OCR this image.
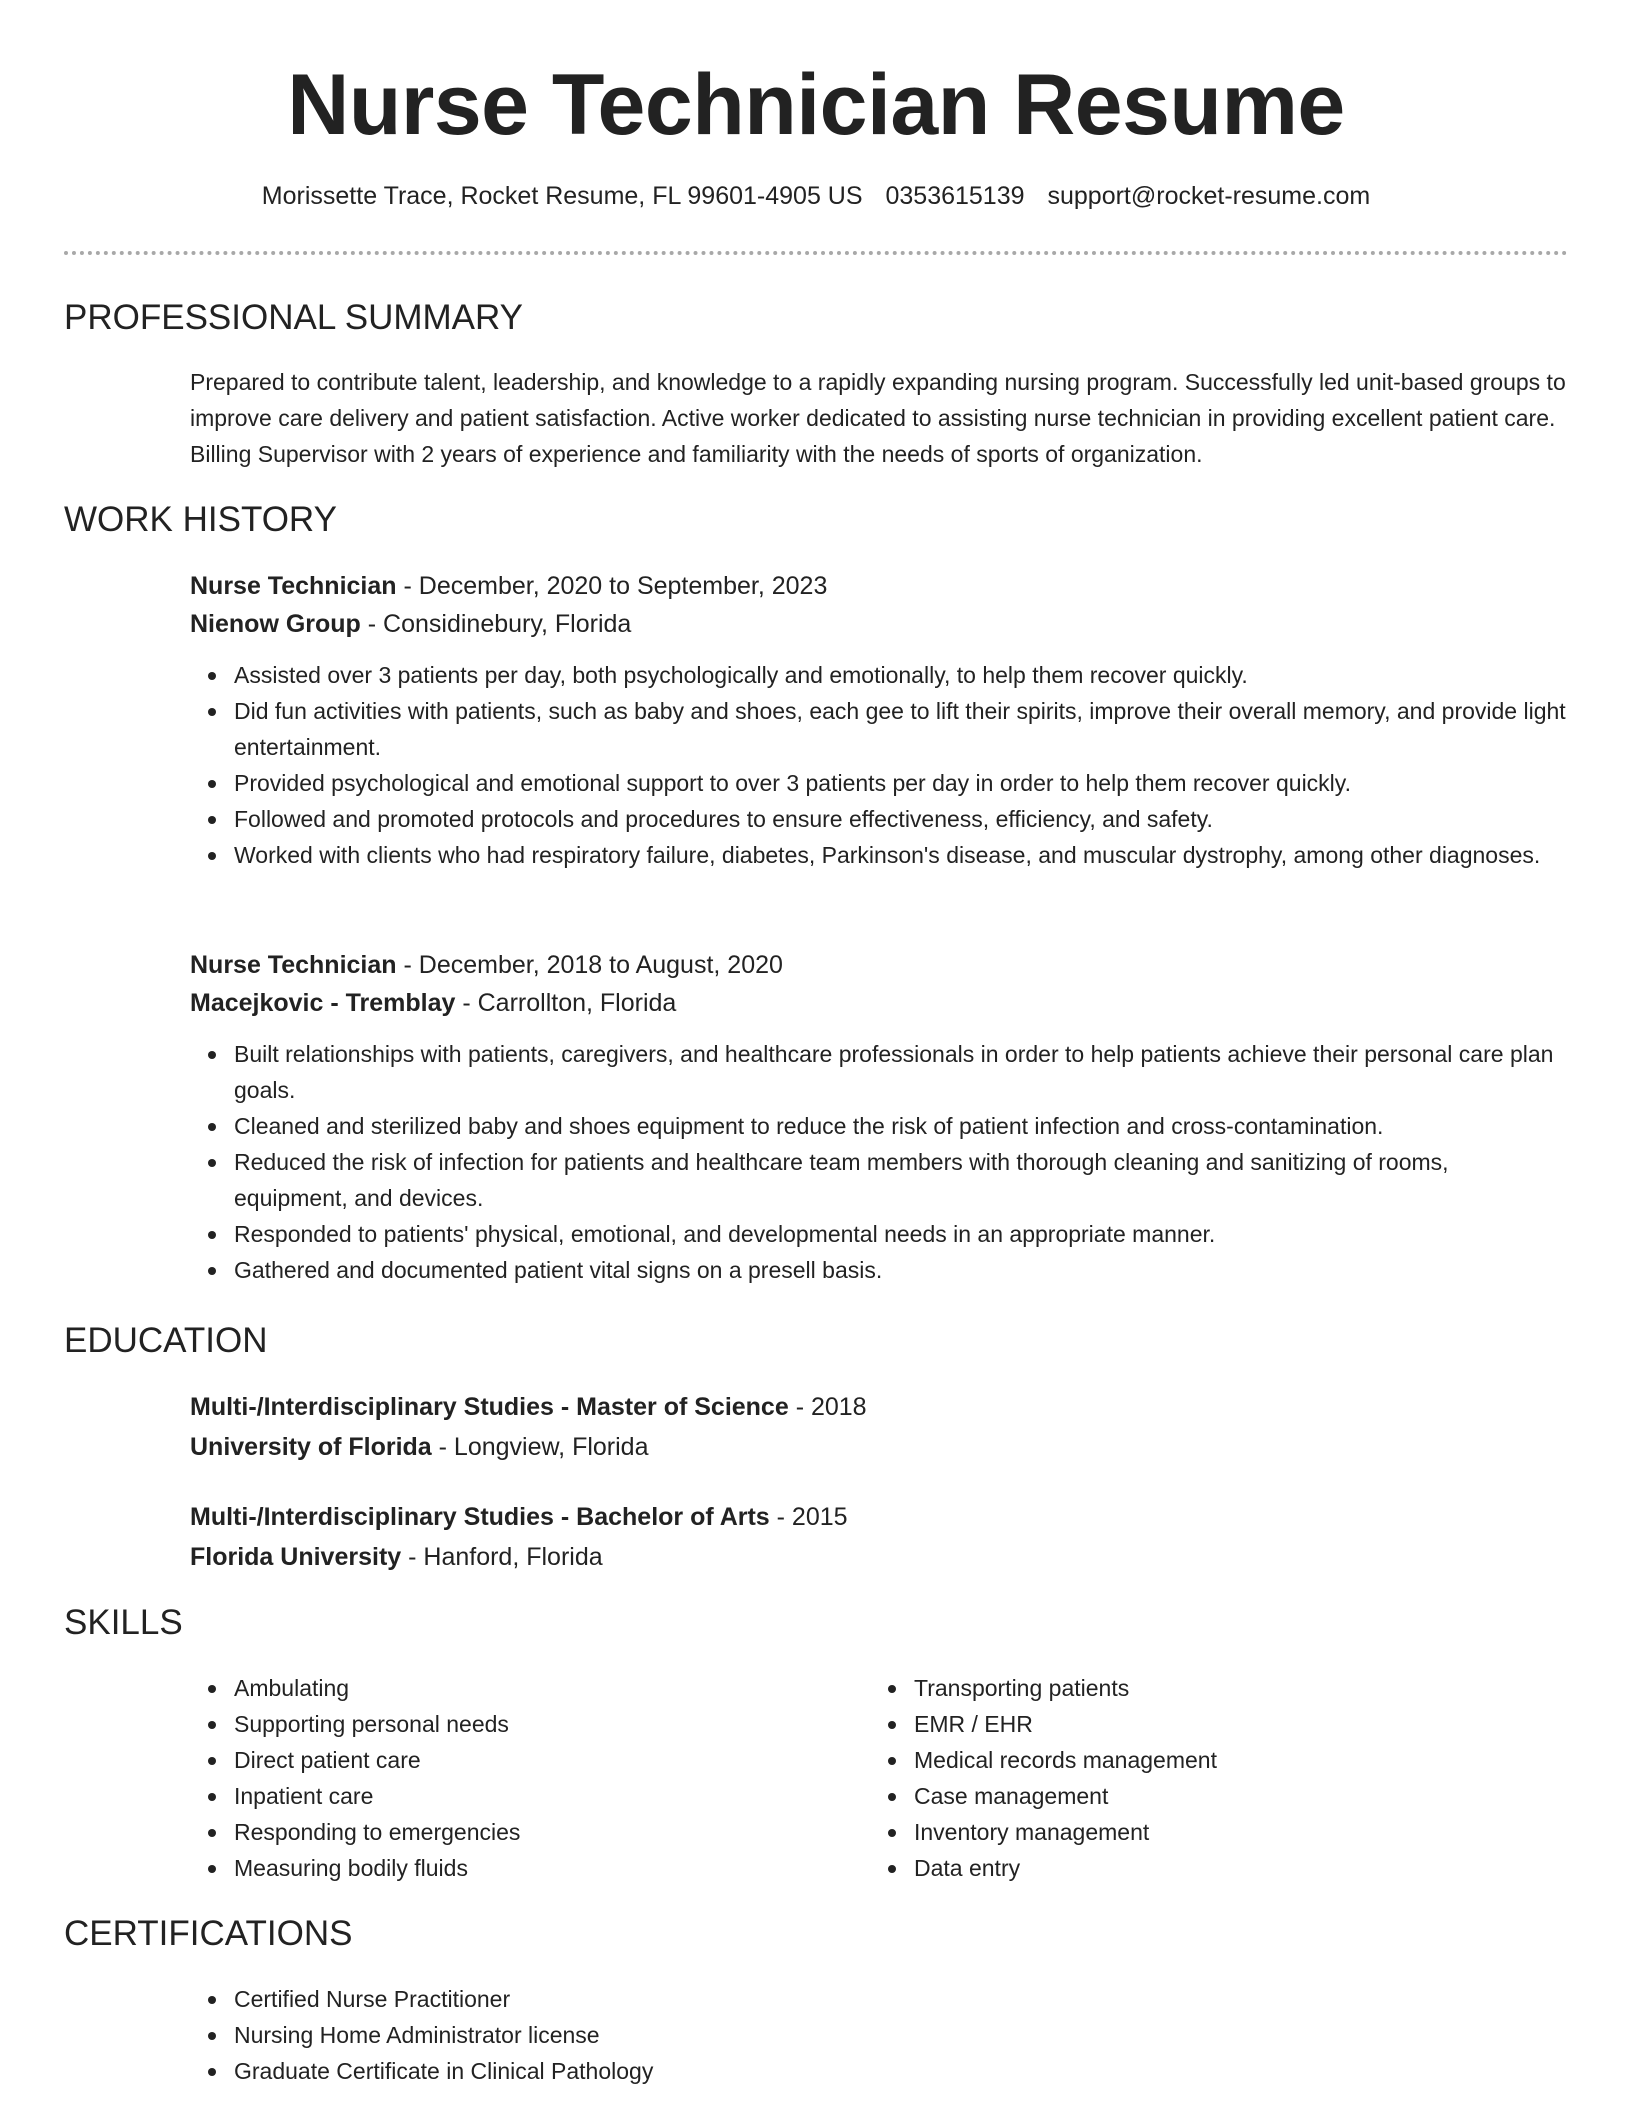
Nurse Technician Resume
Morissette Trace, Rocket Resume, FL 99601-4905 US 0353615139 support@rocket-resume.com
PROFESSIONAL SUMMARY

Prepared to contribute talent, leadership, and knowledge to a rapidly expanding nursing program. Successfully led unit-based groups to improve care delivery and patient satisfaction. Active worker dedicated to assisting nurse technician in providing excellent patient care. Billing Supervisor with 2 years of experience and familiarity with the needs of sports of organization.

WORK HISTORY

Nurse Technician - December, 2020 to September, 2023

Nienow Group - Considinebury, Florida

Assisted over 3 patients per day, both psychologically and emotionally, to help them recover quickly.
Did fun activities with patients, such as baby and shoes, each gee to lift their spirits, improve their overall memory, and provide light entertainment.
Provided psychological and emotional support to over 3 patients per day in order to help them recover quickly.
Followed and promoted protocols and procedures to ensure effectiveness, efficiency, and safety.
Worked with clients who had respiratory failure, diabetes, Parkinson's disease, and muscular dystrophy, among other diagnoses.

Nurse Technician - December, 2018 to August, 2020

Macejkovic - Tremblay - Carrollton, Florida

Built relationships with patients, caregivers, and healthcare professionals in order to help patients achieve their personal care plan goals.
Cleaned and sterilized baby and shoes equipment to reduce the risk of patient infection and cross-contamination.
Reduced the risk of infection for patients and healthcare team members with thorough cleaning and sanitizing of rooms, equipment, and devices.
Responded to patients' physical, emotional, and developmental needs in an appropriate manner.
Gathered and documented patient vital signs on a presell basis.
EDUCATION

Multi-/Interdisciplinary Studies - Master of Science - 2018

University of Florida - Longview, Florida

Multi-/Interdisciplinary Studies - Bachelor of Arts - 2015

Florida University - Hanford, Florida

SKILLS
Ambulating
Supporting personal needs
Direct patient care
Inpatient care
Responding to emergencies
Measuring bodily fluids
Transporting patients
EMR / EHR
Medical records management
Case management
Inventory management
Data entry
CERTIFICATIONS
Certified Nurse Practitioner
Nursing Home Administrator license
Graduate Certificate in Clinical Pathology
